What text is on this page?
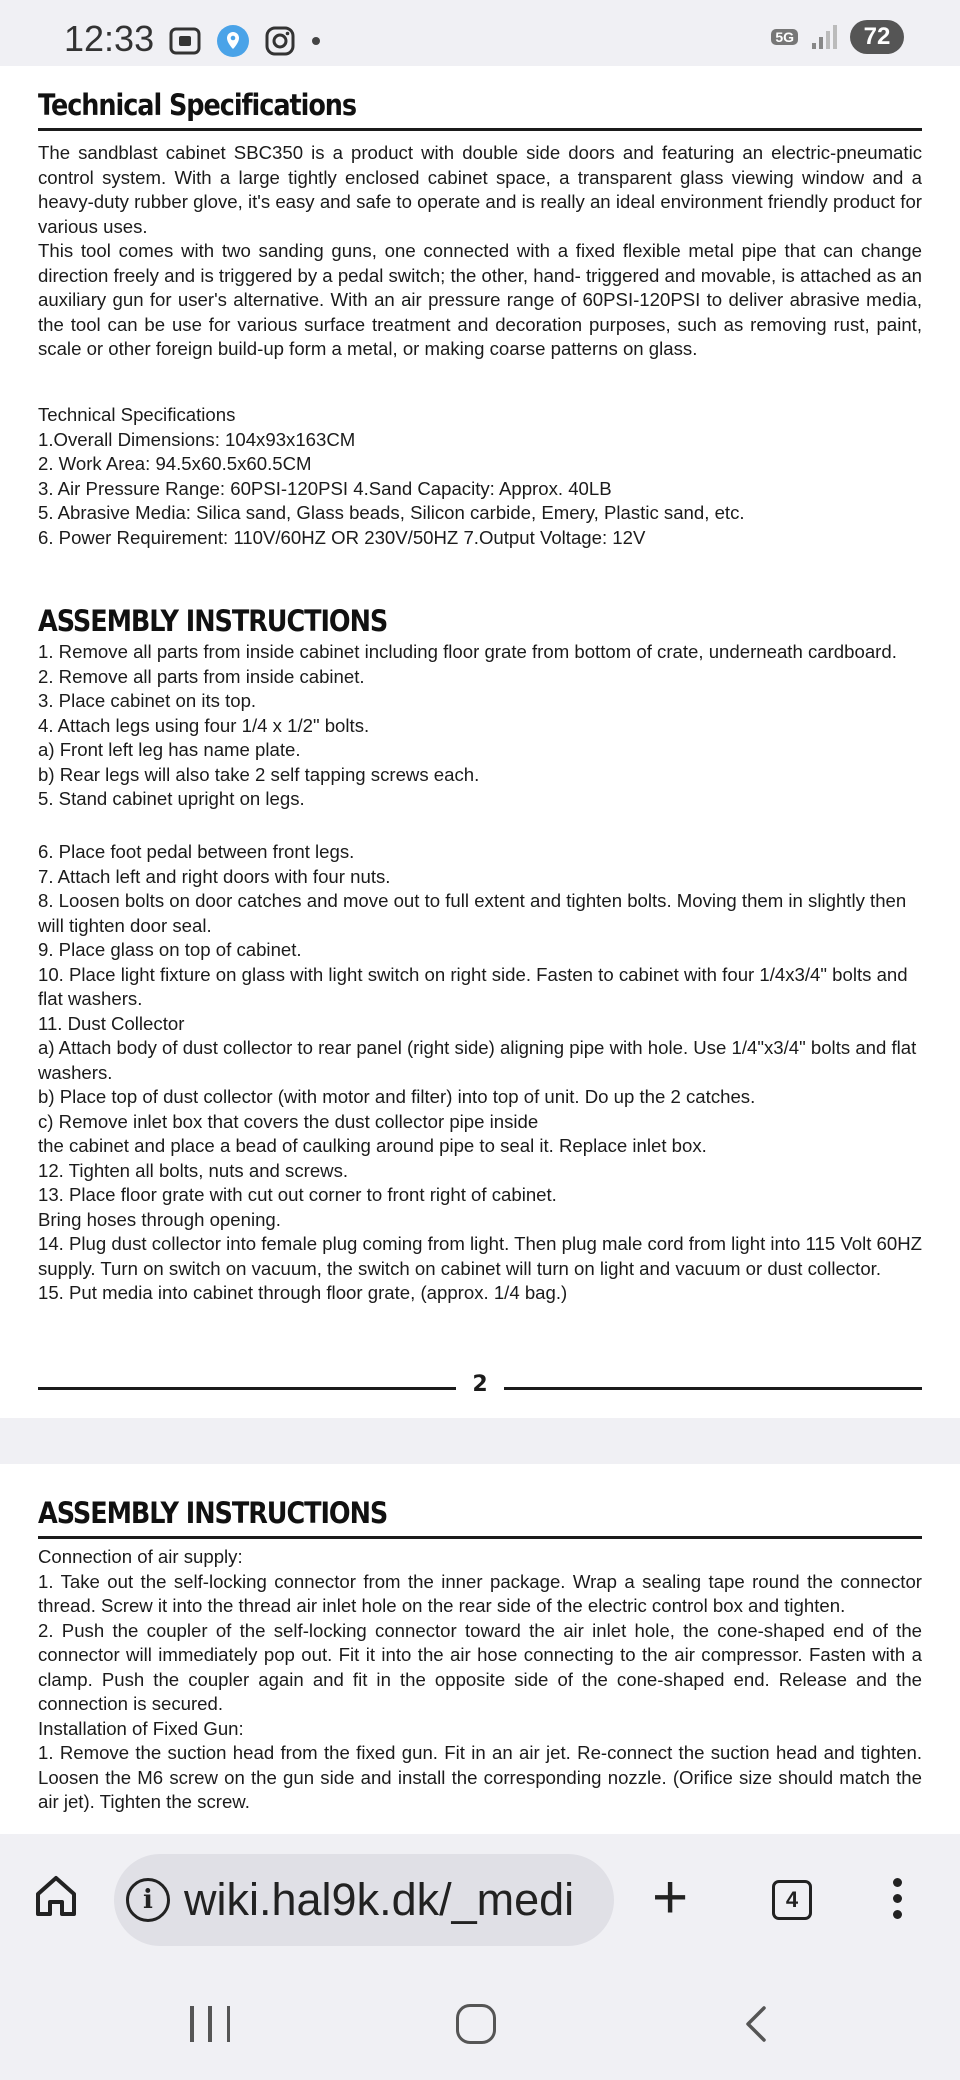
12:33	5G	72
Technical Specifications

The sandblast cabinet SBC350 is a product with double side doors and featuring an electric-pneumatic control system. With a large tightly enclosed cabinet space, a transparent glass viewing window and a heavy-duty rubber glove, it's easy and safe to operate and is really an ideal environment friendly product for various uses.

This tool comes with two sanding guns, one connected with a fixed flexible metal pipe that can change direction freely and is triggered by a pedal switch; the other, hand- triggered and movable, is attached as an auxiliary gun for user's alternative. With an air pressure range of 60PSI-120PSI to deliver abrasive media, the tool can be use for various surface treatment and decoration purposes, such as removing rust, paint, scale or other foreign build-up form a metal, or making coarse patterns on glass.

Technical Specifications
1.Overall Dimensions: 104x93x163CM
2. Work Area: 94.5x60.5x60.5CM
3. Air Pressure Range: 60PSI-120PSI 4.Sand Capacity: Approx. 40LB
5. Abrasive Media: Silica sand, Glass beads, Silicon carbide, Emery, Plastic sand, etc.
6. Power Requirement: 110V/60HZ OR 230V/50HZ 7.Output Voltage: 12V
ASSEMBLY INSTRUCTIONS
1. Remove all parts from inside cabinet including floor grate from bottom of crate, underneath cardboard.
2. Remove all parts from inside cabinet.
3. Place cabinet on its top.
4. Attach legs using four 1/4 x 1/2" bolts.
a) Front left leg has name plate.
b) Rear legs will also take 2 self tapping screws each.
5. Stand cabinet upright on legs.
6. Place foot pedal between front legs.
7. Attach left and right doors with four nuts.
8. Loosen bolts on door catches and move out to full extent and tighten bolts. Moving them in slightly then will tighten door seal.
9. Place glass on top of cabinet.
10. Place light fixture on glass with light switch on right side. Fasten to cabinet with four 1/4x3/4" bolts and flat washers.
11. Dust Collector
a) Attach body of dust collector to rear panel (right side) aligning pipe with hole. Use 1/4"x3/4" bolts and flat washers.
b) Place top of dust collector (with motor and filter) into top of unit. Do up the 2 catches.
c) Remove inlet box that covers the dust collector pipe inside
the cabinet and place a bead of caulking around pipe to seal it. Replace inlet box.
12. Tighten all bolts, nuts and screws.
13. Place floor grate with cut out corner to front right of cabinet.
Bring hoses through opening.
14. Plug dust collector into female plug coming from light. Then plug male cord from light into 115 Volt 60HZ supply. Turn on switch on vacuum, the switch on cabinet will turn on light and vacuum or dust collector.
15. Put media into cabinet through floor grate, (approx. 1/4 bag.)
2
ASSEMBLY INSTRUCTIONS
Connection of air supply:
1. Take out the self-locking connector from the inner package. Wrap a sealing tape round the connector thread. Screw it into the thread air inlet hole on the rear side of the electric control box and tighten.
2. Push the coupler of the self-locking connector toward the air inlet hole, the cone-shaped end of the connector will immediately pop out. Fit it into the air hose connecting to the air compressor. Fasten with a clamp. Push the coupler again and fit in the opposite side of the cone-shaped end. Release and the connection is secured.
Installation of Fixed Gun:
1. Remove the suction head from the fixed gun. Fit in an air jet. Re-connect the suction head and tighten. Loosen the M6 screw on the gun side and install the corresponding nozzle. (Orifice size should match the air jet). Tighten the screw.
i wiki.hal9k.dk/_medi	+	4
